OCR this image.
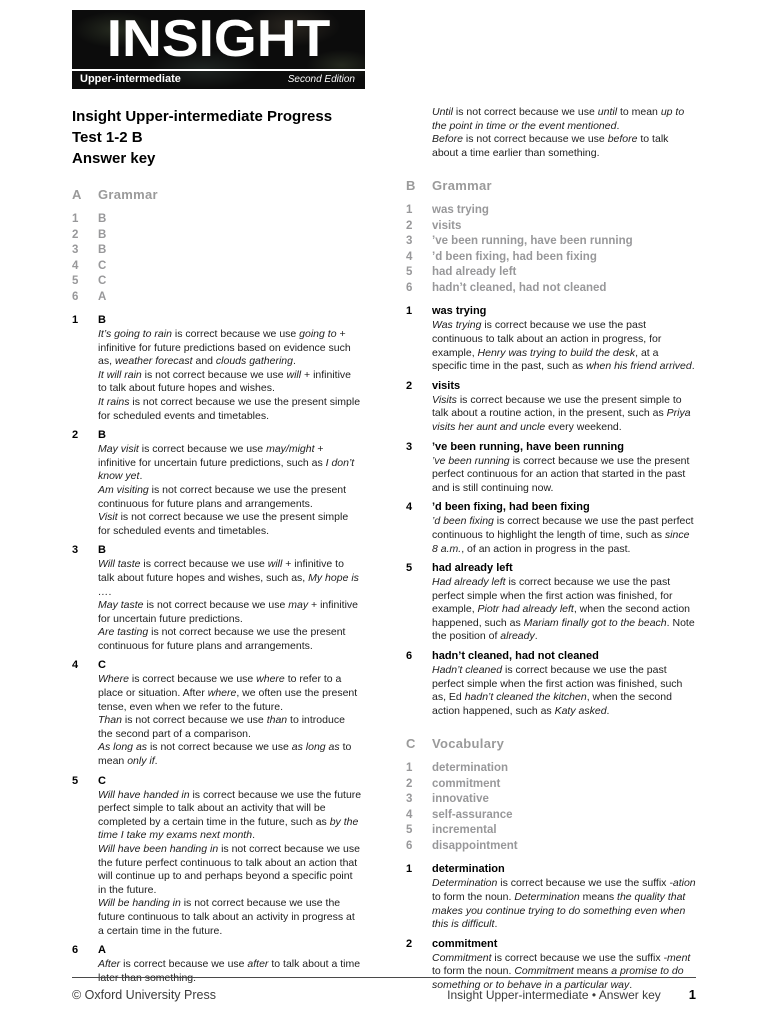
INSIGHT
Upper-intermediate	Second Edition
Insight Upper-intermediate Progress Test 1-2 B
Answer key
A	Grammar
1	B
2	B
3	B
4	C
5	C
6	A
1	B

It’s going to rain is correct because we use going to + infinitive for future predictions based on evidence such as, weather forecast and clouds gathering.

It will rain is not correct because we use will + infinitive to talk about future hopes and wishes.

It rains is not correct because we use the present simple for scheduled events and timetables.

2	B

May visit is correct because we use may/might + infinitive for uncertain future predictions, such as I don’t know yet.

Am visiting is not correct because we use the present continuous for future plans and arrangements.

Visit is not correct because we use the present simple for scheduled events and timetables.

3	B

Will taste is correct because we use will + infinitive to talk about future hopes and wishes, such as, My hope is ….

May taste is not correct because we use may + infinitive for uncertain future predictions.

Are tasting is not correct because we use the present continuous for future plans and arrangements.

4	C

Where is correct because we use where to refer to a place or situation. After where, we often use the present tense, even when we refer to the future.

Than is not correct because we use than to introduce the second part of a comparison.

As long as is not correct because we use as long as to mean only if.

5	C

Will have handed in is correct because we use the future perfect simple to talk about an activity that will be completed by a certain time in the future, such as by the time I take my exams next month.

Will have been handing in is not correct because we use the future perfect continuous to talk about an action that will continue up to and perhaps beyond a specific point in the future.

Will be handing in is not correct because we use the future continuous to talk about an activity in progress at a certain time in the future.

6	A

After is correct because we use after to talk about a time later than something.

Until is not correct because we use until to mean up to the point in time or the event mentioned.

Before is not correct because we use before to talk about a time earlier than something.

B	Grammar
1	was trying
2	visits
3	’ve been running, have been running
4	’d been fixing, had been fixing
5	had already left
6	hadn’t cleaned, had not cleaned
1	was trying

Was trying is correct because we use the past continuous to talk about an action in progress, for example, Henry was trying to build the desk, at a specific time in the past, such as when his friend arrived.

2	visits

Visits is correct because we use the present simple to talk about a routine action, in the present, such as Priya visits her aunt and uncle every weekend.

3	’ve been running, have been running

’ve been running is correct because we use the present perfect continuous for an action that started in the past and is still continuing now.

4	’d been fixing, had been fixing

’d been fixing is correct because we use the past perfect continuous to highlight the length of time, such as since 8 a.m., of an action in progress in the past.

5	had already left

Had already left is correct because we use the past perfect simple when the first action was finished, for example, Piotr had already left, when the second action happened, such as Mariam finally got to the beach. Note the position of already.

6	hadn’t cleaned, had not cleaned

Hadn’t cleaned is correct because we use the past perfect simple when the first action was finished, such as, Ed hadn’t cleaned the kitchen, when the second action happened, such as Katy asked.

C	Vocabulary
1	determination
2	commitment
3	innovative
4	self-assurance
5	incremental
6	disappointment
1	determination

Determination is correct because we use the suffix -ation to form the noun. Determination means the quality that makes you continue trying to do something even when this is difficult.

2	commitment

Commitment is correct because we use the suffix -ment to form the noun. Commitment means a promise to do something or to behave in a particular way.

© Oxford University Press	Insight Upper-intermediate • Answer key 1
